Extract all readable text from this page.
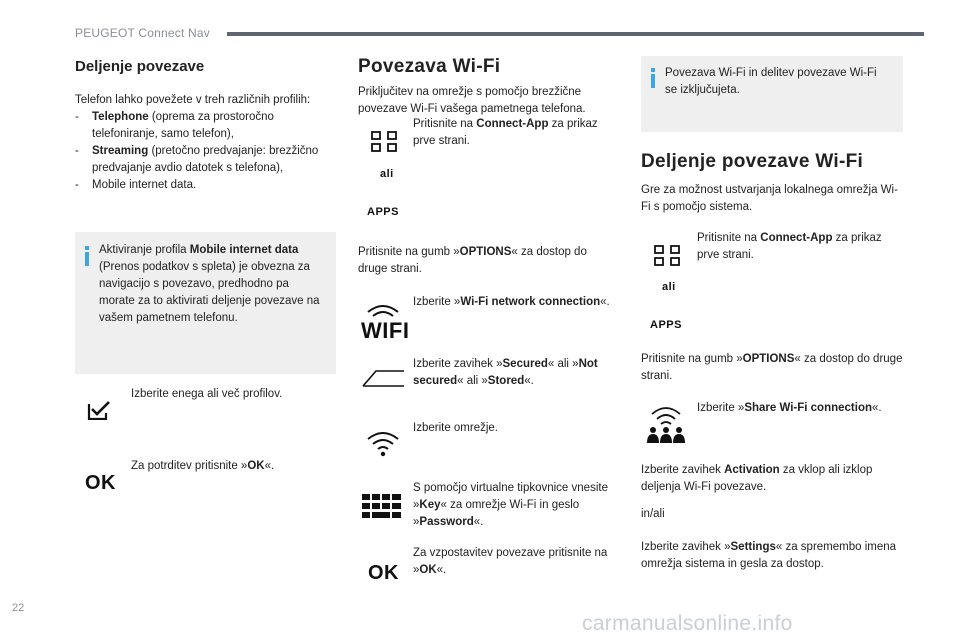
PEUGEOT Connect Nav
Deljenje povezave
Telefon lahko povežete v treh različnih profilih:
- Telephone (oprema za prostoročno telefoniranje, samo telefon),
- Streaming (pretočno predvajanje: brezžično predvajanje avdio datotek s telefona),
- Mobile internet data.
Aktiviranje profila Mobile internet data (Prenos podatkov s spleta) je obvezna za navigacijo s povezavo, predhodno pa morate za to aktivirati deljenje povezave na vašem pametnem telefonu.
Izberite enega ali več profilov.
OK
Za potrditev pritisnite »OK«.
Povezava Wi-Fi
Priključitev na omrežje s pomočjo brezžične povezave Wi-Fi vašega pametnega telefona.
Pritisnite na Connect-App za prikaz prve strani.
ali
APPS
Pritisnite na gumb »OPTIONS« za dostop do druge strani.
WIFI
Izberite »Wi-Fi network connection«.
Izberite zavihek »Secured« ali »Not secured« ali »Stored«.
Izberite omrežje.
S pomočjo virtualne tipkovnice vnesite »Key« za omrežje Wi-Fi in geslo »Password«.
OK
Za vzpostavitev povezave pritisnite na »OK«.
Povezava Wi-Fi in delitev povezave Wi-Fi se izključujeta.
Deljenje povezave Wi-Fi
Gre za možnost ustvarjanja lokalnega omrežja Wi-Fi s pomočjo sistema.
Pritisnite na Connect-App za prikaz prve strani.
ali
APPS
Pritisnite na gumb »OPTIONS« za dostop do druge strani.
Izberite »Share Wi-Fi connection«.
Izberite zavihek Activation za vklop ali izklop deljenja Wi-Fi povezave.
in/ali
Izberite zavihek »Settings« za spremembo imena omrežja sistema in gesla za dostop.
22
carmanualsonline.info
